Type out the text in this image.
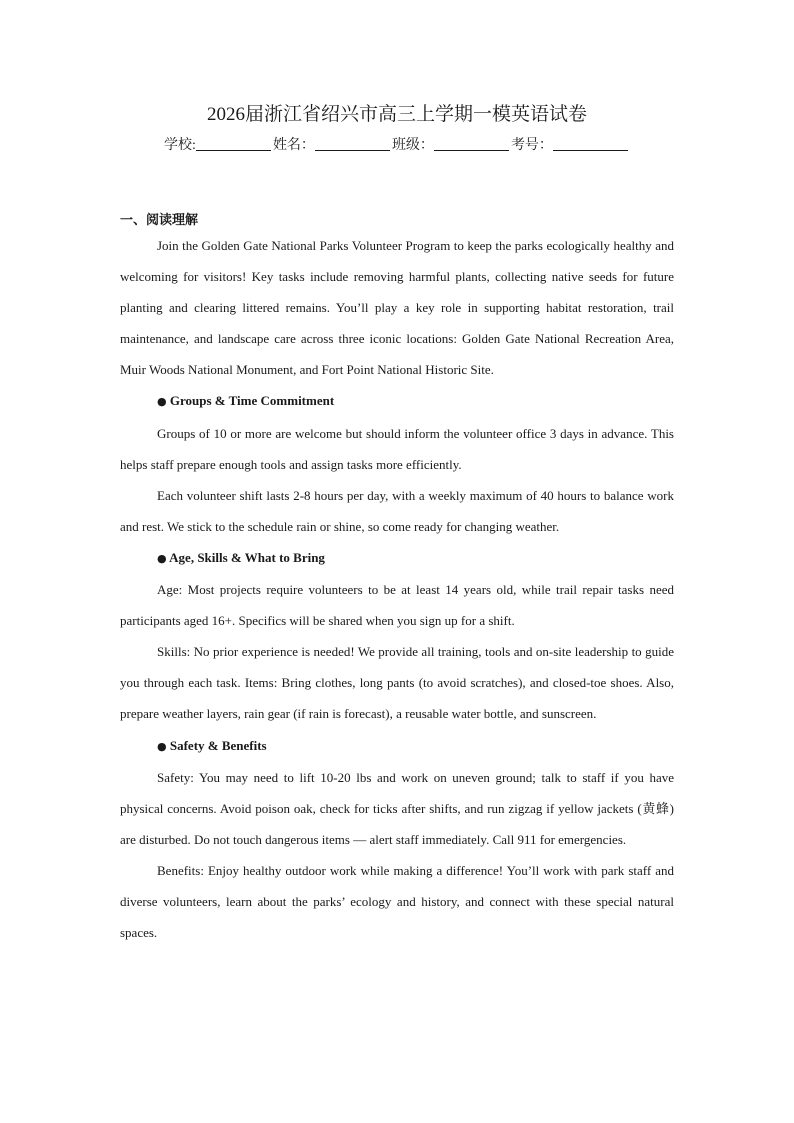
2026届浙江省绍兴市高三上学期一模英语试卷
学校:	姓名：	班级：	考号：
一、阅读理解

Join the Golden Gate National Parks Volunteer Program to keep the parks ecologically healthy and welcoming for visitors! Key tasks include removing harmful plants, collecting native seeds for future planting and clearing littered remains. You’ll play a key role in supporting habitat restoration, trail maintenance, and landscape care across three iconic locations: Golden Gate National Recreation Area, Muir Woods National Monument, and Fort Point National Historic Site.

● Groups & Time Commitment

Groups of 10 or more are welcome but should inform the volunteer office 3 days in advance. This helps staff prepare enough tools and assign tasks more efficiently.

Each volunteer shift lasts 2-8 hours per day, with a weekly maximum of 40 hours to balance work and rest. We stick to the schedule rain or shine, so come ready for changing weather.

● Age, Skills & What to Bring

Age: Most projects require volunteers to be at least 14 years old, while trail repair tasks need participants aged 16+. Specifics will be shared when you sign up for a shift.

Skills: No prior experience is needed! We provide all training, tools and on-site leadership to guide you through each task. Items: Bring clothes, long pants (to avoid scratches), and closed-toe shoes. Also, prepare weather layers, rain gear (if rain is forecast), a reusable water bottle, and sunscreen.

● Safety & Benefits

Safety: You may need to lift 10-20 lbs and work on uneven ground; talk to staff if you have physical concerns. Avoid poison oak, check for ticks after shifts, and run zigzag if yellow jackets (黄蜂) are disturbed. Do not touch dangerous items — alert staff immediately. Call 911 for emergencies.

Benefits: Enjoy healthy outdoor work while making a difference! You’ll work with park staff and diverse volunteers, learn about the parks’ ecology and history, and connect with these special natural spaces.
